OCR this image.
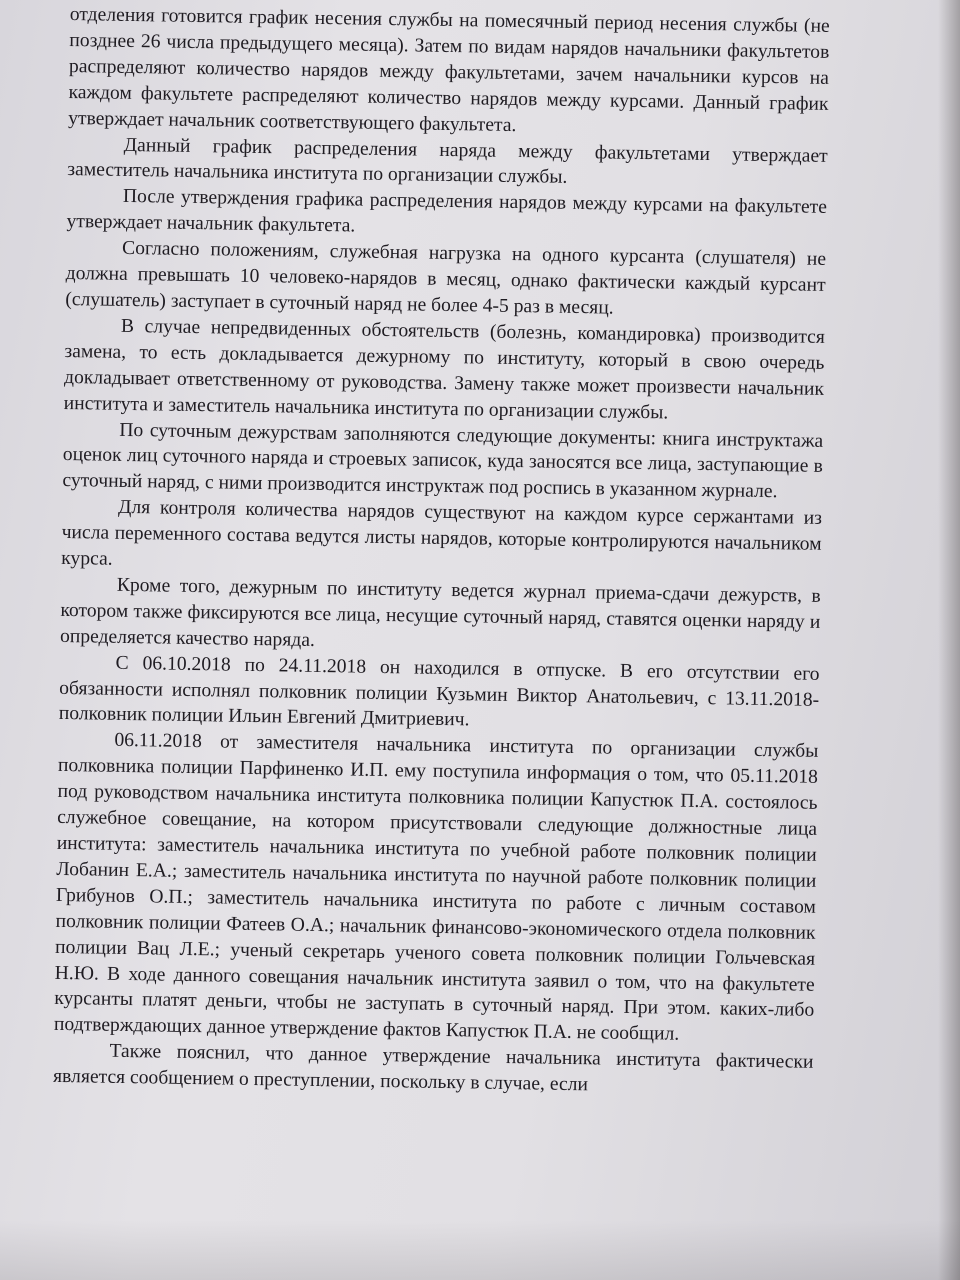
отделения готовится график несения службы на помесячный период несения службы (не позднее 26 числа предыдущего месяца). Затем по видам нарядов начальники факультетов распределяют количество нарядов между факультетами, зачем начальники курсов на каждом факультете распределяют количество нарядов между курсами. Данный график утверждает начальник соответствующего факультета.

Данный график распределения наряда между факультетами утверждает заместитель начальника института по организации службы.

После утверждения графика распределения нарядов между курсами на факультете утверждает начальник факультета.

Согласно положениям, служебная нагрузка на одного курсанта (слушателя) не должна превышать 10 человеко-нарядов в месяц, однако фактически каждый курсант (слушатель) заступает в суточный наряд не более 4-5 раз в месяц.

В случае непредвиденных обстоятельств (болезнь, командировка) производится замена, то есть докладывается дежурному по институту, который в свою очередь докладывает ответственному от руководства. Замену также может произвести начальник института и заместитель начальника института по организации службы.

По суточным дежурствам заполняются следующие документы: книга инструктажа оценок лиц суточного наряда и строевых записок, куда заносятся все лица, заступающие в суточный наряд, с ними производится инструктаж под роспись в указанном журнале.

Для контроля количества нарядов существуют на каждом курсе сержантами из числа переменного состава ведутся листы нарядов, которые контролируются начальником курса.

Кроме того, дежурным по институту ведется журнал приема-сдачи дежурств, в котором также фиксируются все лица, несущие суточный наряд, ставятся оценки наряду и определяется качество наряда.

С 06.10.2018 по 24.11.2018 он находился в отпуске. В его отсутствии его обязанности исполнял полковник полиции Кузьмин Виктор Анатольевич, с 13.11.2018- полковник полиции Ильин Евгений Дмитриевич.

06.11.2018 от заместителя начальника института по организации службы полковника полиции Парфиненко И.П. ему поступила информация о том, что 05.11.2018 под руководством начальника института полковника полиции Капустюк П.А. состоялось служебное совещание, на котором присутствовали следующие должностные лица института: заместитель начальника института по учебной работе полковник полиции Лобанин Е.А.; заместитель начальника института по научной работе полковник полиции Грибунов О.П.; заместитель начальника института по работе с личным составом полковник полиции Фатеев О.А.; начальник финансово-экономического отдела полковник полиции Вац Л.Е.; ученый секретарь ученого совета полковник полиции Гольчевская Н.Ю. В ходе данного совещания начальник института заявил о том, что на факультете курсанты платят деньги, чтобы не заступать в суточный наряд. При этом. каких-либо подтверждающих данное утверждение фактов Капустюк П.А. не сообщил.

Также пояснил, что данное утверждение начальника института фактически является сообщением о преступлении, поскольку в случае, если
